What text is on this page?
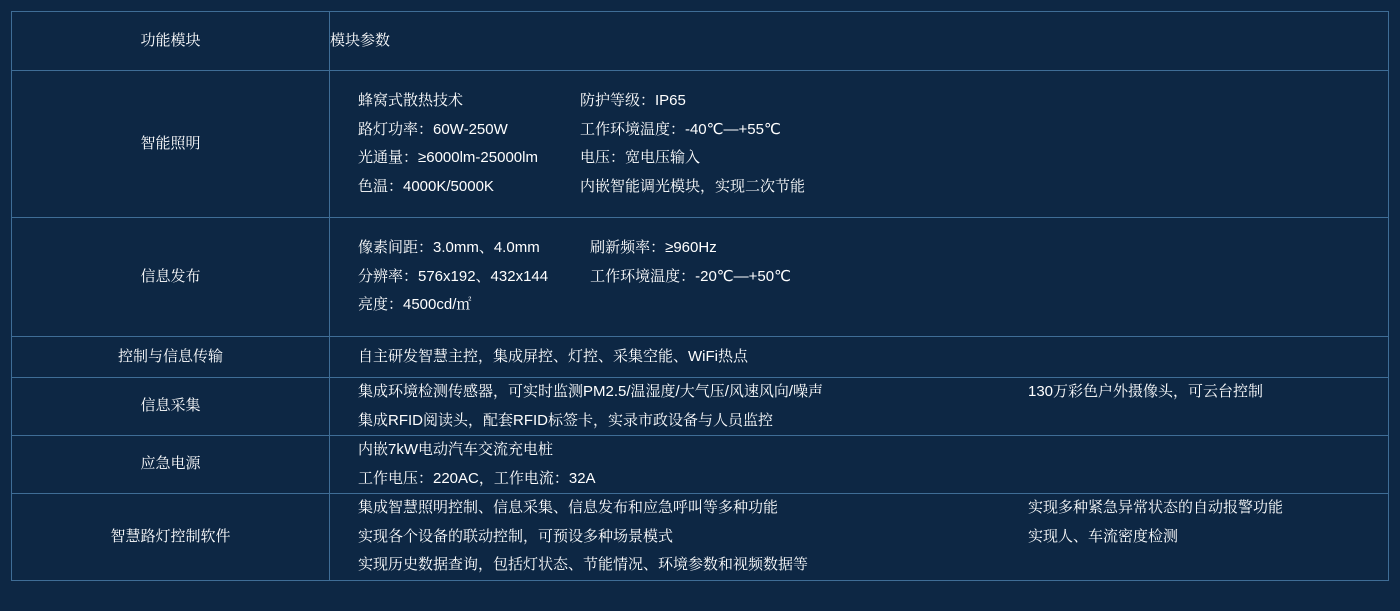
功能模块	模块参数
智能照明	
蜂窝式散热技术
路灯功率：60W-250W
光通量：≥6000lm-25000lm
色温：4000K/5000K
防护等级：IP65
工作环境温度：-40℃—+55℃
电压：宽电压输入
内嵌智能调光模块，实现二次节能

信息发布	像素间距：3.0mm、4.0mm
分辨率：576x192、432x144
亮度：4500cd/㎡
刷新频率：≥960Hz
工作环境温度：-20℃—+50℃

控制与信息传输	自主研发智慧主控，集成屏控、灯控、采集空能、WiFi热点

信息采集	集成环境检测传感器，可实时监测PM2.5/温湿度/大气压/风速风向/噪声
集成RFID阅读头，配套RFID标签卡，实录市政设备与人员监控
130万彩色户外摄像头，可云台控制

应急电源	内嵌7kW电动汽车交流充电桩
工作电压：220AC，工作电流：32A

智慧路灯控制软件	集成智慧照明控制、信息采集、信息发布和应急呼叫等多种功能
实现各个设备的联动控制，可预设多种场景模式
实现历史数据查询，包括灯状态、节能情况、环境参数和视频数据等
实现多种紧急异常状态的自动报警功能
实现人、车流密度检测
